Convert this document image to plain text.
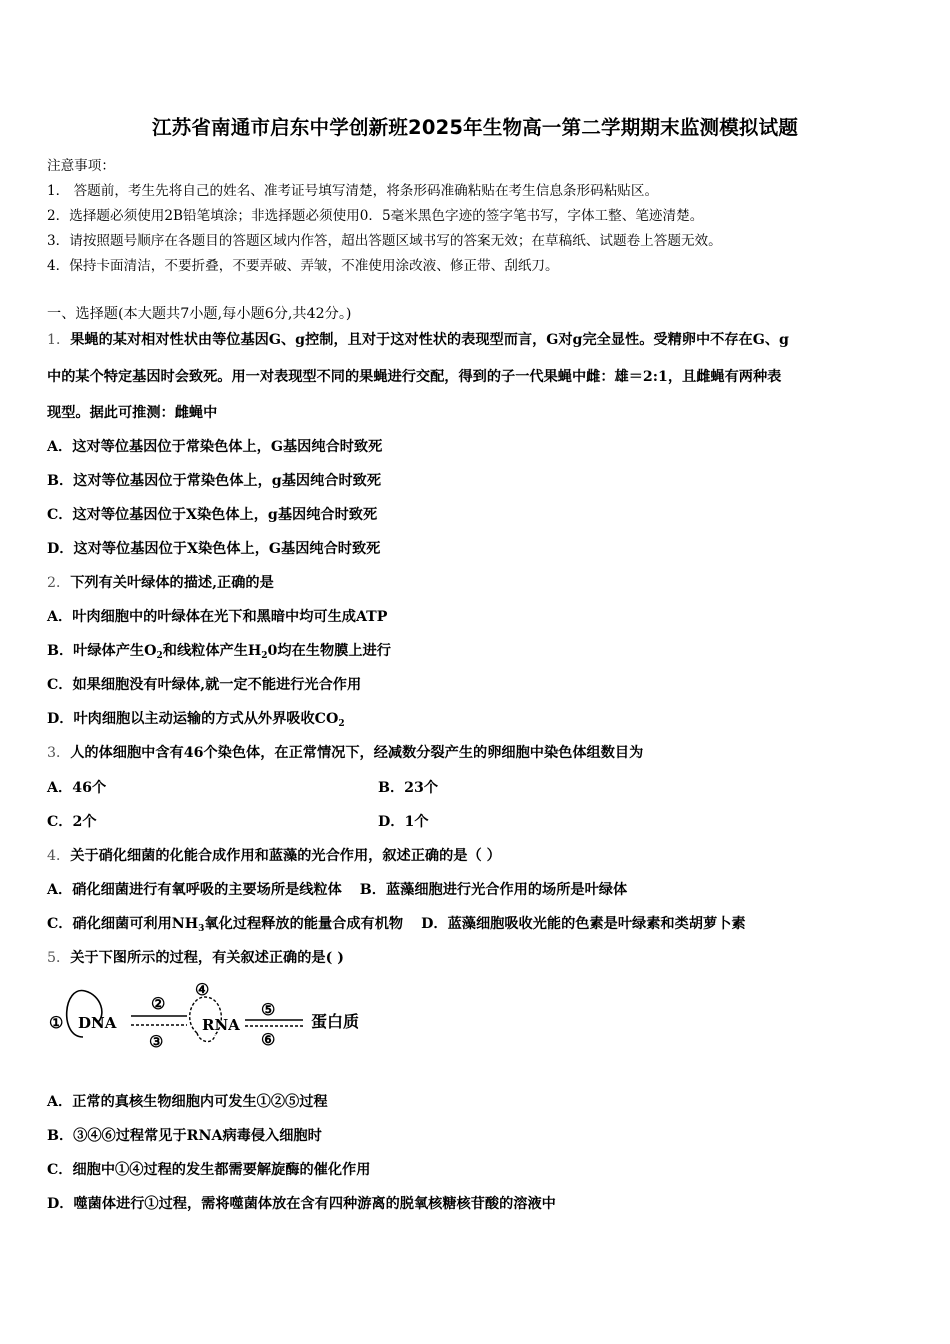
江苏省南通市启东中学创新班2025年生物高一第二学期期末监测模拟试题
注意事项：
1． 答题前，考生先将自己的姓名、准考证号填写清楚，将条形码准确粘贴在考生信息条形码粘贴区。
2．选择题必须使用2B铅笔填涂；非选择题必须使用0．5毫米黑色字迹的签字笔书写，字体工整、笔迹清楚。
3．请按照题号顺序在各题目的答题区域内作答，超出答题区域书写的答案无效；在草稿纸、试题卷上答题无效。
4．保持卡面清洁，不要折叠，不要弄破、弄皱，不准使用涂改液、修正带、刮纸刀。
一、选择题(本大题共7小题,每小题6分,共42分。)
1．果蝇的某对相对性状由等位基因G、g控制，且对于这对性状的表现型而言，G对g完全显性。受精卵中不存在G、g
中的某个特定基因时会致死。用一对表现型不同的果蝇进行交配，得到的子一代果蝇中雌：雄＝2:1，且雌蝇有两种表
现型。据此可推测：雌蝇中
A．这对等位基因位于常染色体上，G基因纯合时致死
B．这对等位基因位于常染色体上，g基因纯合时致死
C．这对等位基因位于X染色体上，g基因纯合时致死
D．这对等位基因位于X染色体上，G基因纯合时致死
2．下列有关叶绿体的描述,正确的是
A．叶肉细胞中的叶绿体在光下和黑暗中均可生成ATP
B．叶绿体产生$O_2$和线粒体产生$H_20$均在生物膜上进行
C．如果细胞没有叶绿体,就一定不能进行光合作用
D．叶肉细胞以主动运输的方式从外界吸收$CO_2$
3．人的体细胞中含有46个染色体，在正常情况下，经减数分裂产生的卵细胞中染色体组数目为
A．46个	B．23个
C．2个	D．1个
4．关于硝化细菌的化能合成作用和蓝藻的光合作用，叙述正确的是（ ）
A．硝化细菌进行有氧呼吸的主要场所是线粒体 B．蓝藻细胞进行光合作用的场所是叶绿体
C．硝化细菌可利用$NH_3$氧化过程释放的能量合成有机物 D．蓝藻细胞吸收光能的色素是叶绿素和类胡萝卜素
5．关于下图所示的过程，有关叙述正确的是( )
① DNA
②
③
④
RNA
⑤
⑥
蛋白质
A．正常的真核生物细胞内可发生①②⑤过程
B．③④⑥过程常见于RNA病毒侵入细胞时
C．细胞中①④过程的发生都需要解旋酶的催化作用
D．噬菌体进行①过程，需将噬菌体放在含有四种游离的脱氧核糖核苷酸的溶液中
